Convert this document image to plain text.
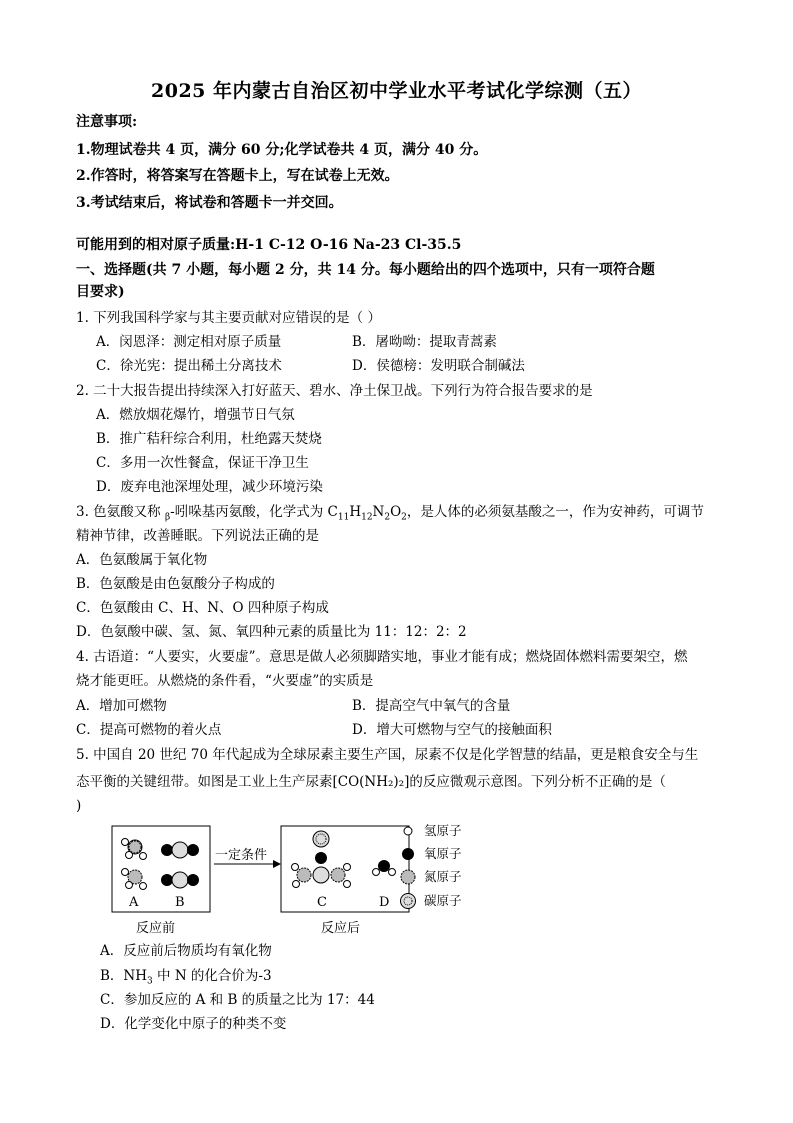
2025 年内蒙古自治区初中学业水平考试化学综测（五）
注意事项:
1.物理试卷共 4 页，满分 60 分;化学试卷共 4 页，满分 40 分。
2.作答时，将答案写在答题卡上，写在试卷上无效。
3.考试结束后，将试卷和答题卡一并交回。
可能用到的相对原子质量:H-1 C-12 O-16 Na-23 Cl-35.5
一、选择题(共 7 小题，每小题 2 分，共 14 分。每小题给出的四个选项中，只有一项符合题
目要求)
1. 下列我国科学家与其主要贡献对应错误的是（ ）
A．闵恩泽：测定相对原子质量	B．屠呦呦：提取青蒿素
C．徐光宪：提出稀土分离技术	D．侯德榜：发明联合制碱法
2. 二十大报告提出持续深入打好蓝天、碧水、净土保卫战。下列行为符合报告要求的是
A．燃放烟花爆竹，增强节日气氛
B．推广秸秆综合利用，杜绝露天焚烧
C．多用一次性餐盒，保证干净卫生
D．废弃电池深埋处理，减少环境污染
3. 色氨酸又称 $_\beta$-吲哚基丙氨酸，化学式为 $C_{11}H_{12}N_2O_2$，是人体的必须氨基酸之一，作为安神药，可调节
精神节律，改善睡眠。下列说法正确的是
A．色氨酸属于氧化物
B．色氨酸是由色氨酸分子构成的
C．色氨酸由 C、H、N、O 四种原子构成
D．色氨酸中碳、氢、氮、氧四种元素的质量比为 11：12：2：2
4. 古语道：“人要实，火要虚”。意思是做人必须脚踏实地，事业才能有成；燃烧固体燃料需要架空，燃
烧才能更旺。从燃烧的条件看，“火要虚”的实质是
A．增加可燃物	B．提高空气中氧气的含量
C．提高可燃物的着火点	D．增大可燃物与空气的接触面积
5. 中国自 20 世纪 70 年代起成为全球尿素主要生产国，尿素不仅是化学智慧的结晶，更是粮食安全与生
态平衡的关键纽带。如图是工业上生产尿素[CO(NH₂)₂]的反应微观示意图。下列分析不正确的是（
)
A	B
一定条件
C	D
反应前	反应后
氢原子
氧原子
氮原子
碳原子
A．反应前后物质均有氧化物
B．$NH_3$ 中 N 的化合价为-3
C．参加反应的 A 和 B 的质量之比为 17：44
D．化学变化中原子的种类不变
